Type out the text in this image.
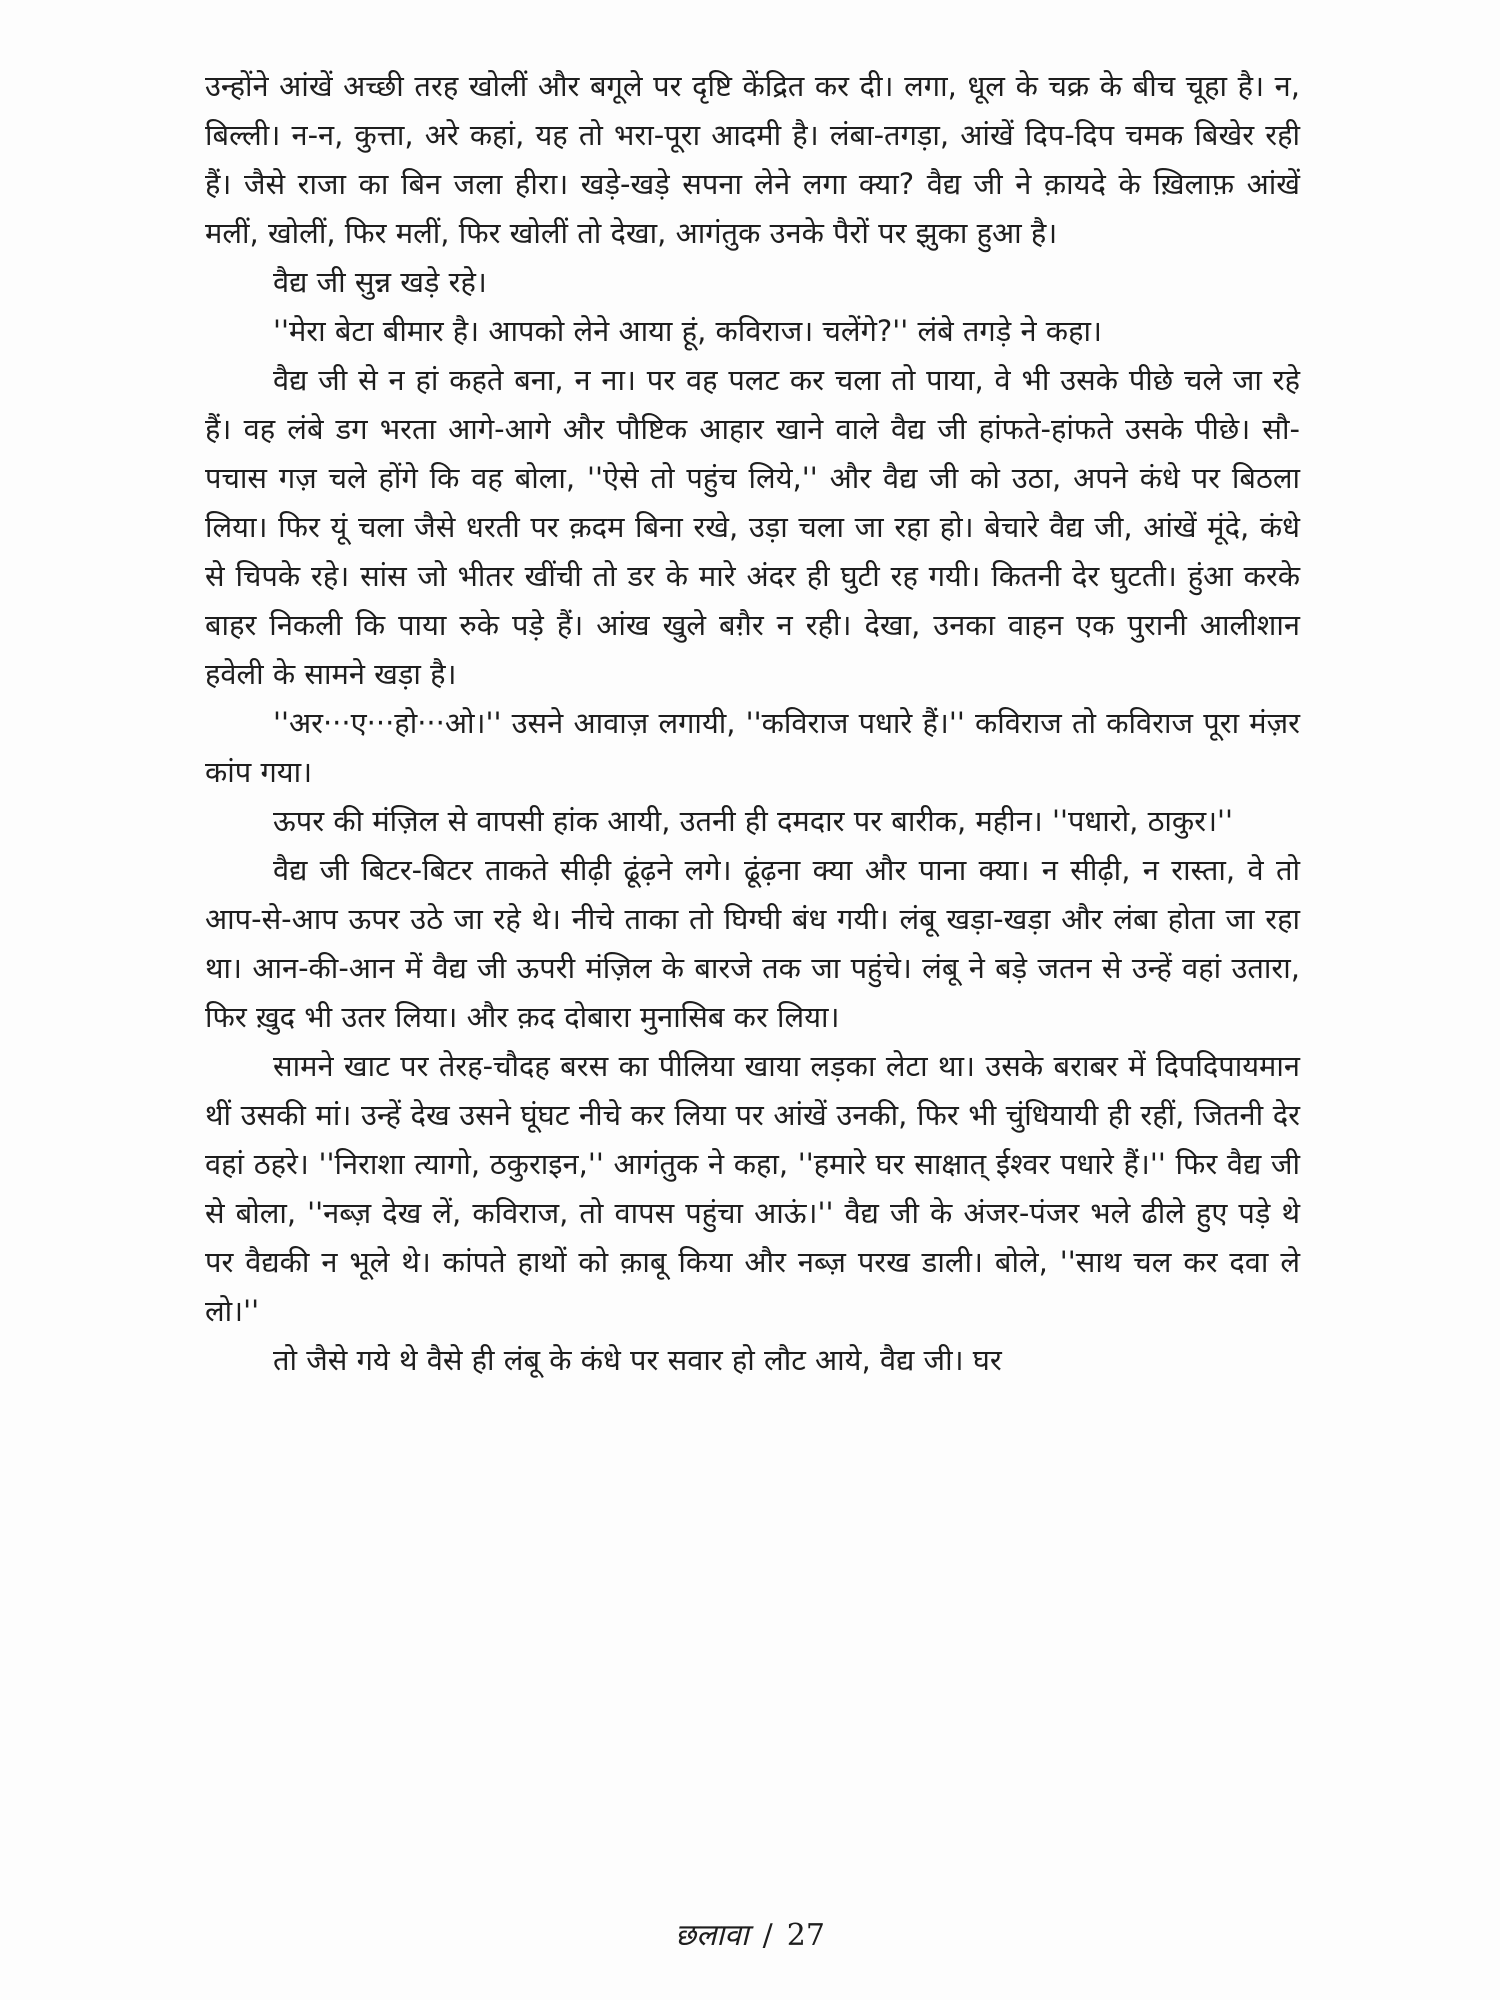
उन्होंने आंखें अच्छी तरह खोलीं और बगूले पर दृष्टि केंद्रित कर दी। लगा, धूल के चक्र के बीच चूहा है। न, बिल्ली। न-न, कुत्ता, अरे कहां, यह तो भरा-पूरा आदमी है। लंबा-तगड़ा, आंखें दिप-दिप चमक बिखेर रही हैं। जैसे राजा का बिन जला हीरा। खड़े-खड़े सपना लेने लगा क्या? वैद्य जी ने क़ायदे के ख़िलाफ़ आंखें मलीं, खोलीं, फिर मलीं, फिर खोलीं तो देखा, आगंतुक उनके पैरों पर झुका हुआ है।

वैद्य जी सुन्न खड़े रहे।

''मेरा बेटा बीमार है। आपको लेने आया हूं, कविराज। चलेंगे?'' लंबे तगड़े ने कहा।

वैद्य जी से न हां कहते बना, न ना। पर वह पलट कर चला तो पाया, वे भी उसके पीछे चले जा रहे हैं। वह लंबे डग भरता आगे-आगे और पौष्टिक आहार खाने वाले वैद्य जी हांफते-हांफते उसके पीछे। सौ-पचास गज़ चले होंगे कि वह बोला, ''ऐसे तो पहुंच लिये,'' और वैद्य जी को उठा, अपने कंधे पर बिठला लिया। फिर यूं चला जैसे धरती पर क़दम बिना रखे, उड़ा चला जा रहा हो। बेचारे वैद्य जी, आंखें मूंदे, कंधे से चिपके रहे। सांस जो भीतर खींची तो डर के मारे अंदर ही घुटी रह गयी। कितनी देर घुटती। हुंआ करके बाहर निकली कि पाया रुके पड़े हैं। आंख खुले बग़ैर न रही। देखा, उनका वाहन एक पुरानी आलीशान हवेली के सामने खड़ा है।

''अर···ए···हो···ओ।'' उसने आवाज़ लगायी, ''कविराज पधारे हैं।'' कविराज तो कविराज पूरा मंज़र कांप गया।

ऊपर की मंज़िल से वापसी हांक आयी, उतनी ही दमदार पर बारीक, महीन। ''पधारो, ठाकुर।''

वैद्य जी बिटर-बिटर ताकते सीढ़ी ढूंढ़ने लगे। ढूंढ़ना क्या और पाना क्या। न सीढ़ी, न रास्ता, वे तो आप-से-आप ऊपर उठे जा रहे थे। नीचे ताका तो घिग्घी बंध गयी। लंबू खड़ा-खड़ा और लंबा होता जा रहा था। आन-की-आन में वैद्य जी ऊपरी मंज़िल के बारजे तक जा पहुंचे। लंबू ने बड़े जतन से उन्हें वहां उतारा, फिर ख़ुद भी उतर लिया। और क़द दोबारा मुनासिब कर लिया।

सामने खाट पर तेरह-चौदह बरस का पीलिया खाया लड़का लेटा था। उसके बराबर में दिपदिपायमान थीं उसकी मां। उन्हें देख उसने घूंघट नीचे कर लिया पर आंखें उनकी, फिर भी चुंधियायी ही रहीं, जितनी देर वहां ठहरे। ''निराशा त्यागो, ठकुराइन,'' आगंतुक ने कहा, ''हमारे घर साक्षात् ईश्वर पधारे हैं।'' फिर वैद्य जी से बोला, ''नब्ज़ देख लें, कविराज, तो वापस पहुंचा आऊं।'' वैद्य जी के अंजर-पंजर भले ढीले हुए पड़े थे पर वैद्यकी न भूले थे। कांपते हाथों को क़ाबू किया और नब्ज़ परख डाली। बोले, ''साथ चल कर दवा ले लो।''

तो जैसे गये थे वैसे ही लंबू के कंधे पर सवार हो लौट आये, वैद्य जी। घर

छलावा / 27
